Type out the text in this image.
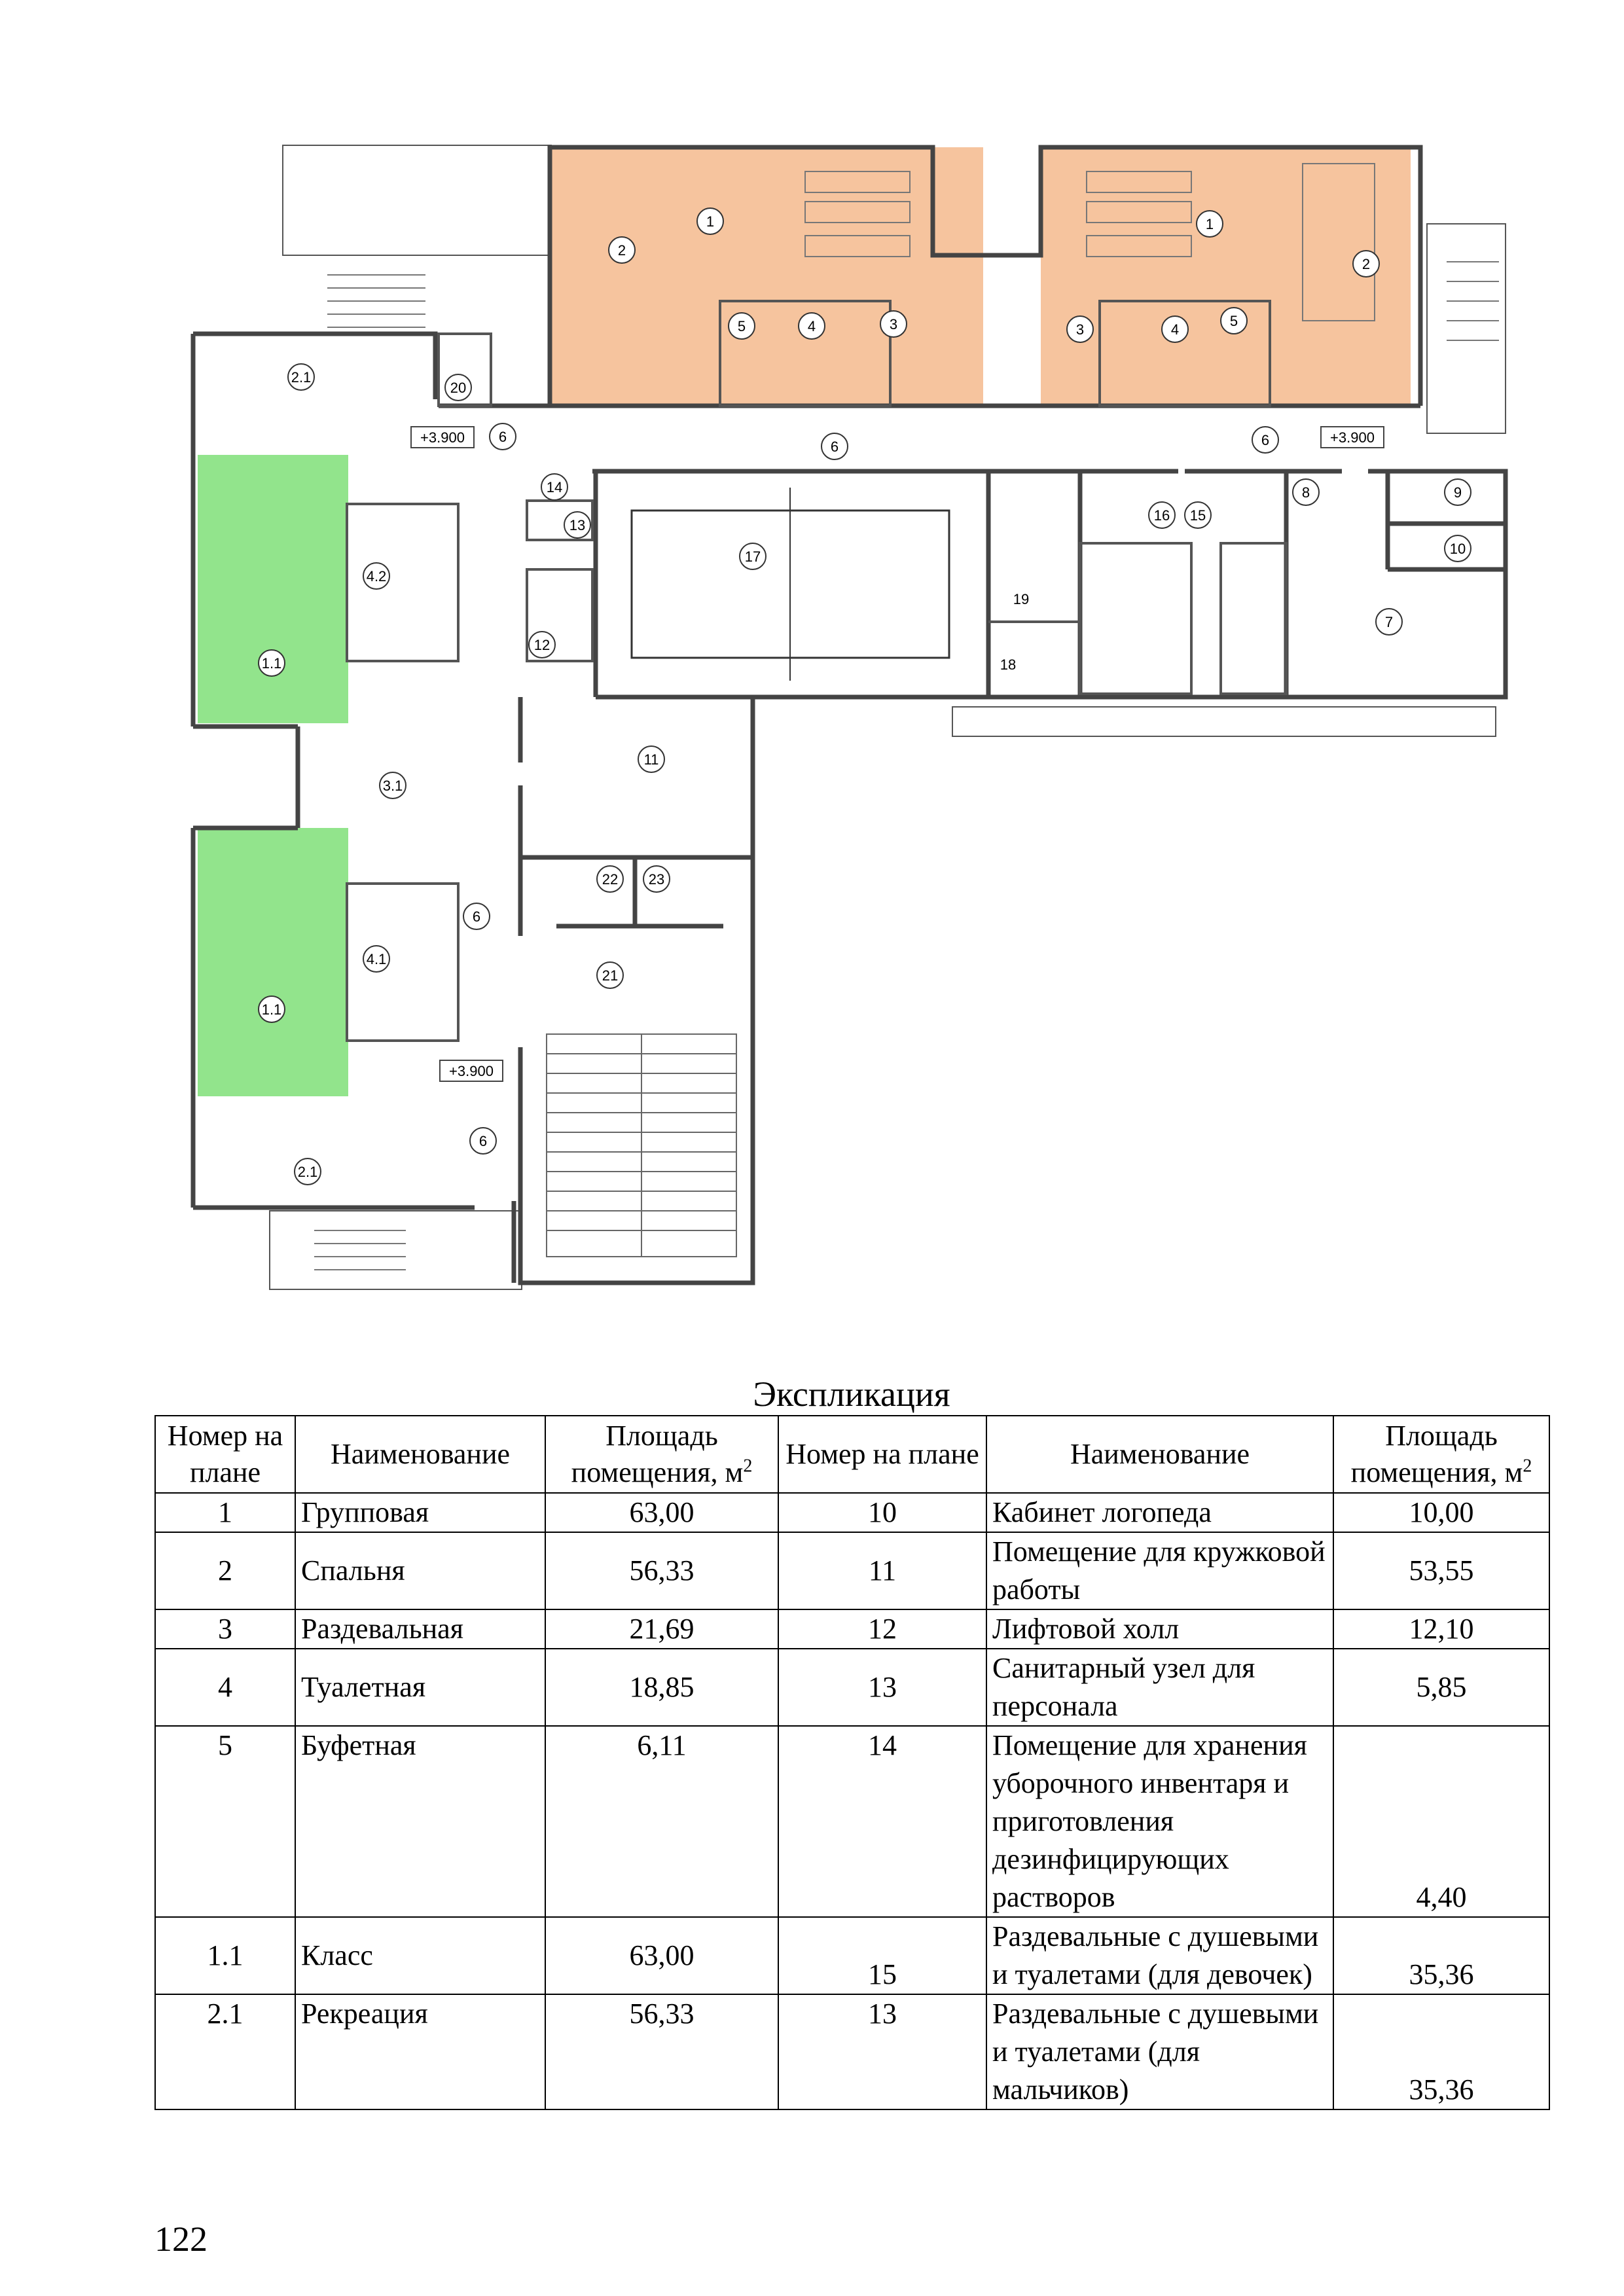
+3.900	+3.900
+3.900
1
2
3
4
5
1
2
3	4
5
2.1
20
6
6	6
14
13
12
17
19
18
16 15
8	9
10
7
4.2
1.1
3.1
6
4.1
1.1
11
22 23
21
6
2.1
Экспликация
Номер на плане	Наименование	Площадь помещения, $м^2$	Номер на плане	Наименование	Площадь помещения, $м^2$
1	Групповая	63,00	10	Кабинет логопеда	10,00
2	Спальня	56,33	11	Помещение для кружковой работы	53,55
3	Раздевальная	21,69	12	Лифтовой холл	12,10
4	Туалетная	18,85	13	Санитарный узел для персонала	5,85
5	Буфетная	6,11	14	Помещение для хранения уборочного инвентаря и приготовления дезинфицирующих растворов	4,40
1.1	Класс	63,00	15	Раздевальные с душевыми и туалетами (для девочек)	35,36
2.1	Рекреация	56,33	13	Раздевальные с душевыми и туалетами (для мальчиков)	35,36
122
